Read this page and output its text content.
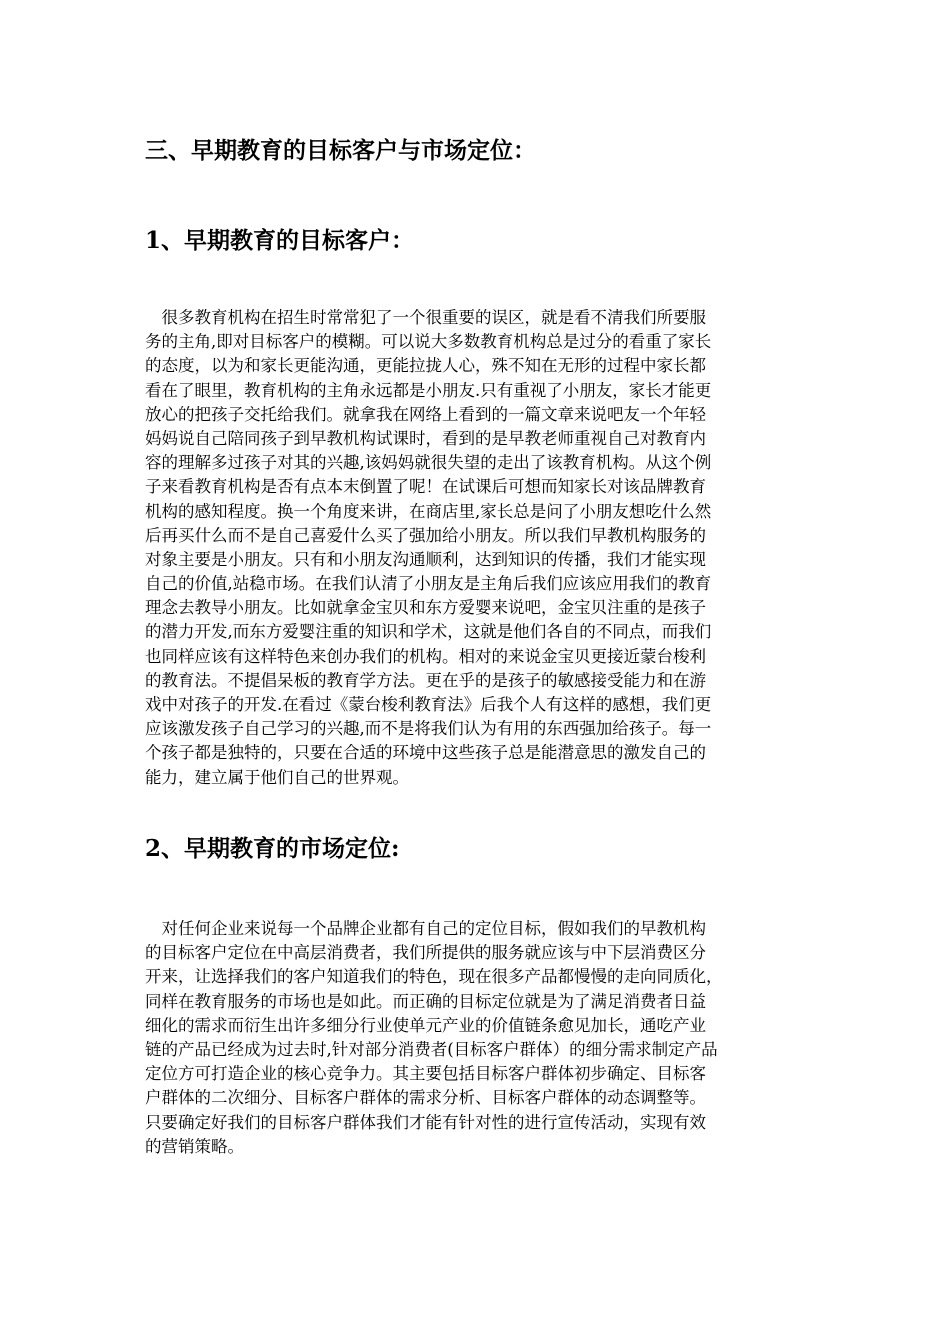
三、早期教育的目标客户与市场定位：
1、早期教育的目标客户：
　很多教育机构在招生时常常犯了一个很重要的误区，就是看不清我们所要服
务的主角,即对目标客户的模糊。可以说大多数教育机构总是过分的看重了家长
的态度，以为和家长更能沟通，更能拉拢人心，殊不知在无形的过程中家长都
看在了眼里，教育机构的主角永远都是小朋友.只有重视了小朋友，家长才能更
放心的把孩子交托给我们。就拿我在网络上看到的一篇文章来说吧友一个年轻
妈妈说自己陪同孩子到早教机构试课时，看到的是早教老师重视自己对教育内
容的理解多过孩子对其的兴趣,该妈妈就很失望的走出了该教育机构。从这个例
子来看教育机构是否有点本末倒置了呢！在试课后可想而知家长对该品牌教育
机构的感知程度。换一个角度来讲，在商店里,家长总是问了小朋友想吃什么然
后再买什么而不是自己喜爱什么买了强加给小朋友。所以我们早教机构服务的
对象主要是小朋友。只有和小朋友沟通顺利，达到知识的传播，我们才能实现
自己的价值,站稳市场。在我们认清了小朋友是主角后我们应该应用我们的教育
理念去教导小朋友。比如就拿金宝贝和东方爱婴来说吧，金宝贝注重的是孩子
的潜力开发,而东方爱婴注重的知识和学术，这就是他们各自的不同点，而我们
也同样应该有这样特色来创办我们的机构。相对的来说金宝贝更接近蒙台梭利
的教育法。不提倡呆板的教育学方法。更在乎的是孩子的敏感接受能力和在游
戏中对孩子的开发.在看过《蒙台梭利教育法》后我个人有这样的感想，我们更
应该激发孩子自己学习的兴趣,而不是将我们认为有用的东西强加给孩子。每一
个孩子都是独特的，只要在合适的环境中这些孩子总是能潜意思的激发自己的
能力，建立属于他们自己的世界观。
2、早期教育的市场定位:
　对任何企业来说每一个品牌企业都有自己的定位目标，假如我们的早教机构
的目标客户定位在中高层消费者，我们所提供的服务就应该与中下层消费区分
开来，让选择我们的客户知道我们的特色，现在很多产品都慢慢的走向同质化，
同样在教育服务的市场也是如此。而正确的目标定位就是为了满足消费者日益
细化的需求而衍生出许多细分行业使单元产业的价值链条愈见加长，通吃产业
链的产品已经成为过去时,针对部分消费者(目标客户群体）的细分需求制定产品
定位方可打造企业的核心竞争力。其主要包括目标客户群体初步确定、目标客
户群体的二次细分、目标客户群体的需求分析、目标客户群体的动态调整等。
只要确定好我们的目标客户群体我们才能有针对性的进行宣传活动，实现有效
的营销策略。
